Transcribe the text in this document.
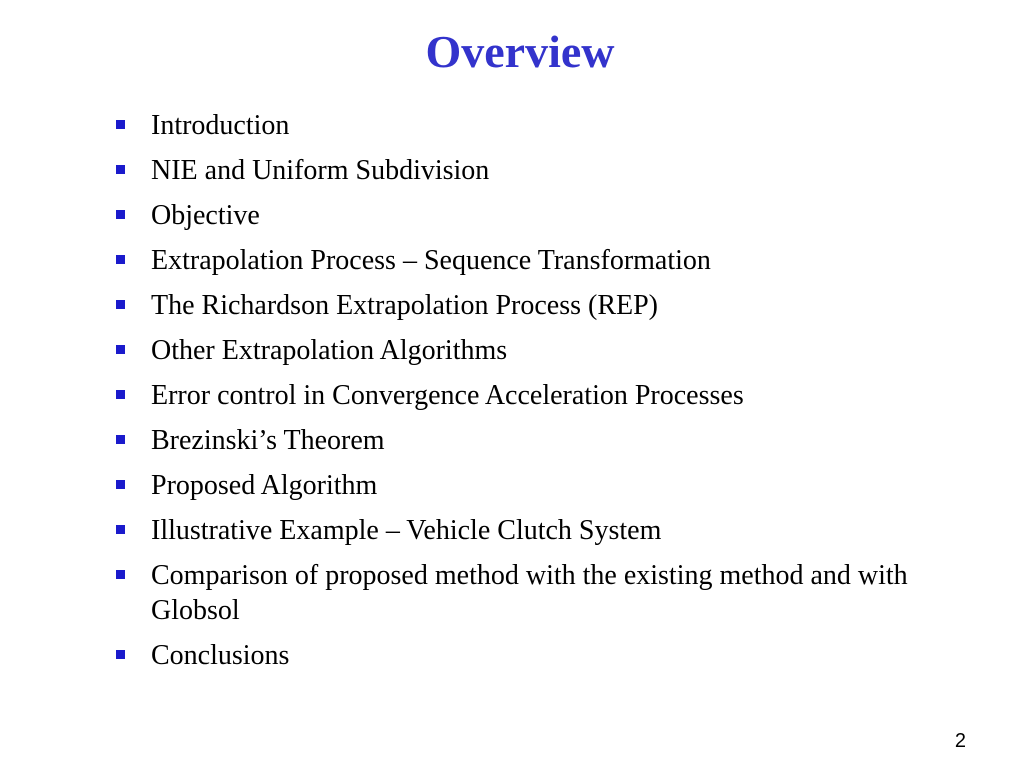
Overview
Introduction
NIE and Uniform Subdivision
Objective
Extrapolation Process – Sequence Transformation
The Richardson Extrapolation Process (REP)
Other Extrapolation Algorithms
Error control in Convergence Acceleration Processes
Brezinski’s Theorem
Proposed Algorithm
Illustrative Example – Vehicle Clutch System
Comparison of proposed method with the existing method and with Globsol
Conclusions
2
